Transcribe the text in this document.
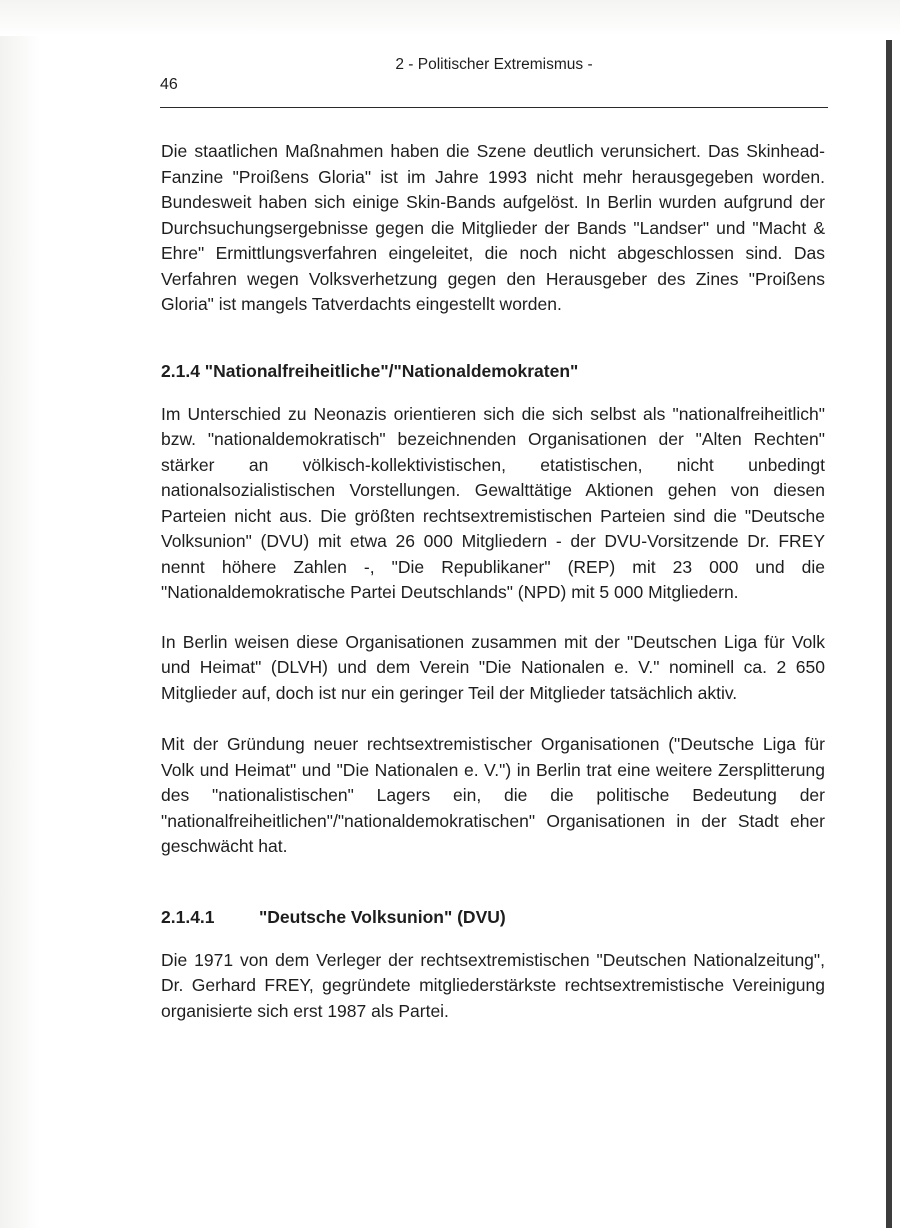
2 - Politischer Extremismus -
46

Die staatlichen Maßnahmen haben die Szene deutlich verunsichert. Das Skinhead-Fanzine "Proißens Gloria" ist im Jahre 1993 nicht mehr herausgegeben worden. Bundesweit haben sich einige Skin-Bands aufgelöst. In Berlin wurden aufgrund der Durchsuchungsergebnisse gegen die Mitglieder der Bands "Landser" und "Macht & Ehre" Ermittlungsverfahren eingeleitet, die noch nicht abgeschlossen sind. Das Verfahren wegen Volksverhetzung gegen den Herausgeber des Zines "Proißens Gloria" ist mangels Tatverdachts eingestellt worden.

2.1.4 "Nationalfreiheitliche"/"Nationaldemokraten"

Im Unterschied zu Neonazis orientieren sich die sich selbst als "nationalfreiheitlich" bzw. "nationaldemokratisch" bezeichnenden Organisationen der "Alten Rechten" stärker an völkisch-kollektivistischen, etatistischen, nicht unbedingt nationalsozialistischen Vorstellungen. Gewalttätige Aktionen gehen von diesen Parteien nicht aus. Die größten rechtsextremistischen Parteien sind die "Deutsche Volksunion" (DVU) mit etwa 26 000 Mitgliedern - der DVU-Vorsitzende Dr. FREY nennt höhere Zahlen -, "Die Republikaner" (REP) mit 23 000 und die "Nationaldemokratische Partei Deutschlands" (NPD) mit 5 000 Mitgliedern.

In Berlin weisen diese Organisationen zusammen mit der "Deutschen Liga für Volk und Heimat" (DLVH) und dem Verein "Die Nationalen e. V." nominell ca. 2 650 Mitglieder auf, doch ist nur ein geringer Teil der Mitglieder tatsächlich aktiv.

Mit der Gründung neuer rechtsextremistischer Organisationen ("Deutsche Liga für Volk und Heimat" und "Die Nationalen e. V.") in Berlin trat eine weitere Zersplitterung des "nationalistischen" Lagers ein, die die politische Bedeutung der "nationalfreiheitlichen"/"nationaldemokratischen" Organisationen in der Stadt eher geschwächt hat.

2.1.4.1	"Deutsche Volksunion" (DVU)

Die 1971 von dem Verleger der rechtsextremistischen "Deutschen Nationalzeitung", Dr. Gerhard FREY, gegründete mitgliederstärkste rechtsextremistische Vereinigung organisierte sich erst 1987 als Partei.
